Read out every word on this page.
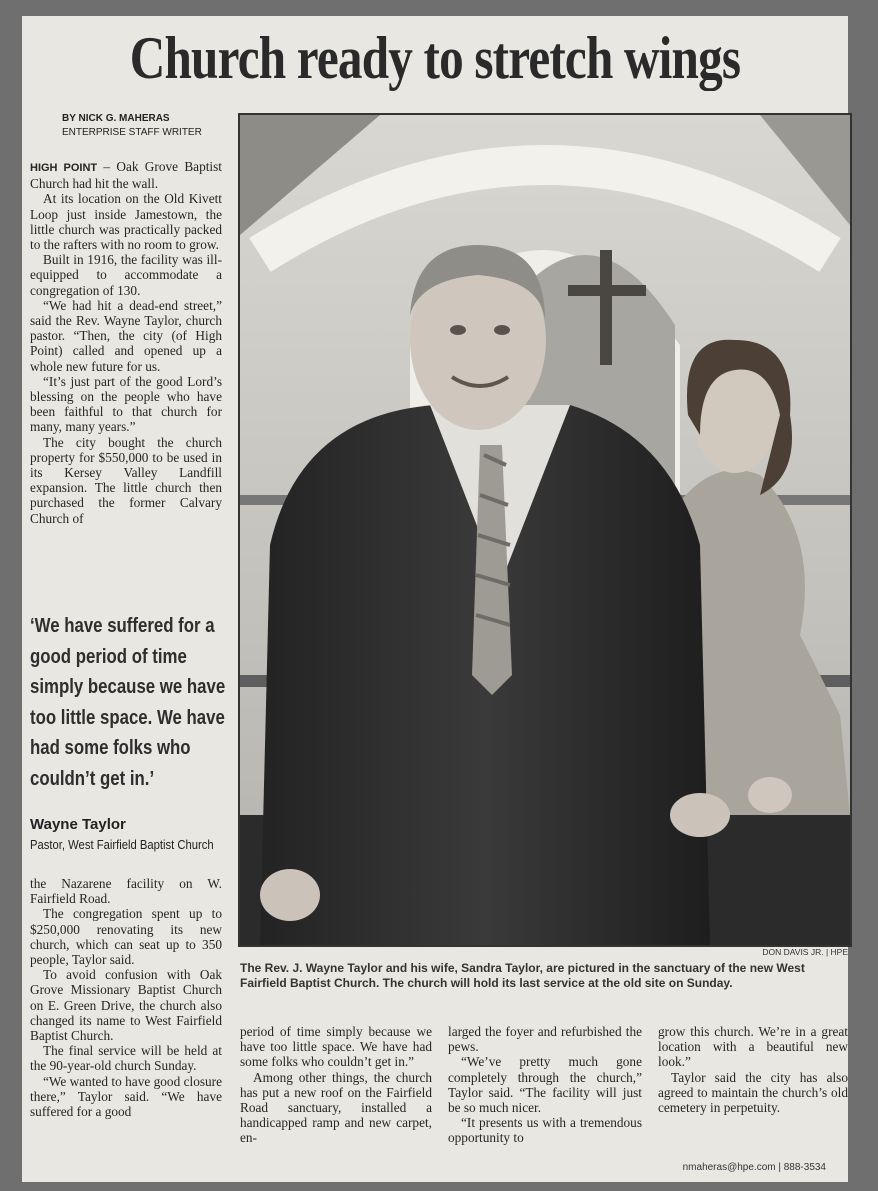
Church ready to stretch wings
BY NICK G. MAHERAS
ENTERPRISE STAFF WRITER

HIGH POINT – Oak Grove Baptist Church had hit the wall.

At its location on the Old Kivett Loop just inside Jamestown, the little church was practically packed to the rafters with no room to grow.

Built in 1916, the facility was ill-equipped to accommodate a congregation of 130.

“We had hit a dead-end street,” said the Rev. Wayne Taylor, church pastor. “Then, the city (of High Point) called and opened up a whole new future for us.

“It’s just part of the good Lord’s blessing on the people who have been faithful to that church for many, many years.”

The city bought the church property for $550,000 to be used in its Kersey Valley Landfill expansion. The little church then purchased the former Calvary Church of

‘We have suffered for a good period of time simply because we have too little space. We have had some folks who couldn’t get in.’
Wayne Taylor
Pastor, West Fairfield Baptist Church

the Nazarene facility on W. Fairfield Road.

The congregation spent up to $250,000 renovating its new church, which can seat up to 350 people, Taylor said.

To avoid confusion with Oak Grove Missionary Baptist Church on E. Green Drive, the church also changed its name to West Fairfield Baptist Church.

The final service will be held at the 90-year-old church Sunday.

“We wanted to have good closure there,” Taylor said. “We have suffered for a good

DON DAVIS JR. | HPE
The Rev. J. Wayne Taylor and his wife, Sandra Taylor, are pictured in the sanctuary of the new West Fairfield Baptist Church. The church will hold its last service at the old site on Sunday.

period of time simply because we have too little space. We have had some folks who couldn’t get in.”

Among other things, the church has put a new roof on the Fairfield Road sanctuary, installed a handicapped ramp and new carpet, en-

larged the foyer and refurbished the pews.

“We’ve pretty much gone completely through the church,” Taylor said. “The facility will just be so much nicer.

“It presents us with a tremendous opportunity to

grow this church. We’re in a great location with a beautiful new look.”

Taylor said the city has also agreed to maintain the church’s old cemetery in perpetuity.

nmaheras@hpe.com | 888-3534
